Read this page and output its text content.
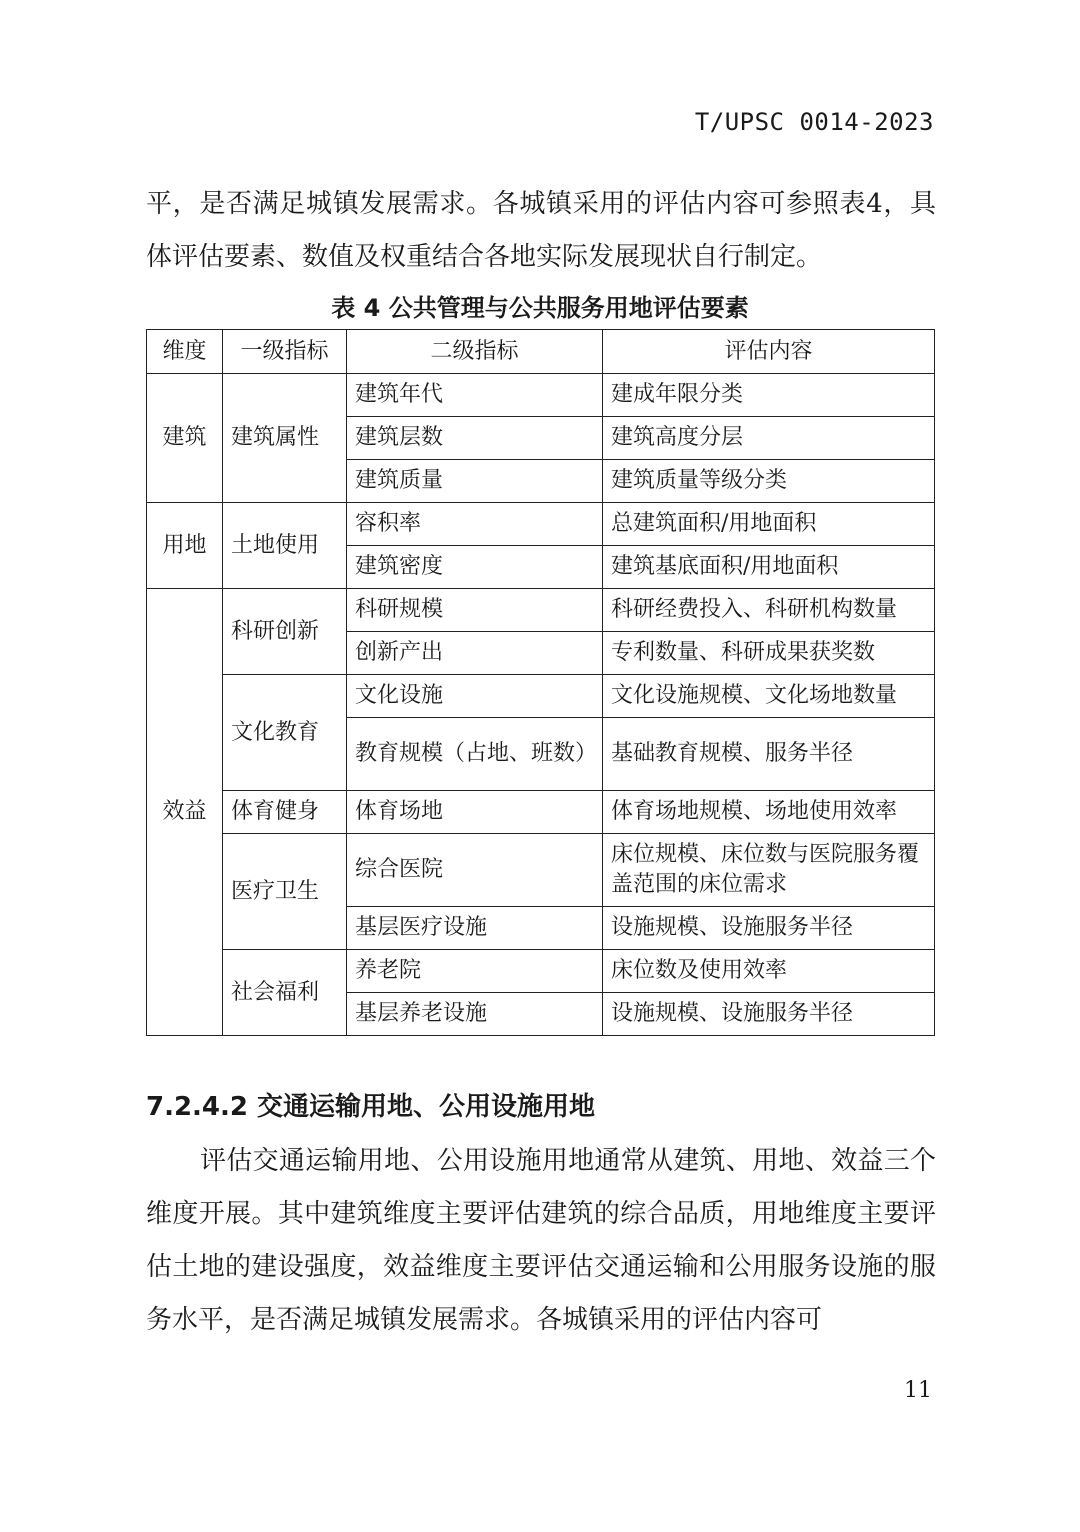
T/UPSC 0014-2023
平，是否满足城镇发展需求。各城镇采用的评估内容可参照表4，具体评估要素、数值及权重结合各地实际发展现状自行制定。
表 4 公共管理与公共服务用地评估要素
维度	一级指标	二级指标	评估内容
建筑	建筑属性	建筑年代	建成年限分类
		建筑层数	建筑高度分层
		建筑质量	建筑质量等级分类
用地	土地使用	容积率	总建筑面积/用地面积
		建筑密度	建筑基底面积/用地面积
效益	科研创新	科研规模	科研经费投入、科研机构数量
		创新产出	专利数量、科研成果获奖数
	文化教育	文化设施	文化设施规模、文化场地数量
		教育规模（占地、班数）	基础教育规模、服务半径
	体育健身	体育场地	体育场地规模、场地使用效率
	医疗卫生	综合医院	床位规模、床位数与医院服务覆盖范围的床位需求
		基层医疗设施	设施规模、设施服务半径
	社会福利	养老院	床位数及使用效率
		基层养老设施	设施规模、设施服务半径
7.2.4.2 交通运输用地、公用设施用地
评估交通运输用地、公用设施用地通常从建筑、用地、效益三个维度开展。其中建筑维度主要评估建筑的综合品质，用地维度主要评估土地的建设强度，效益维度主要评估交通运输和公用服务设施的服务水平，是否满足城镇发展需求。各城镇采用的评估内容可
11
